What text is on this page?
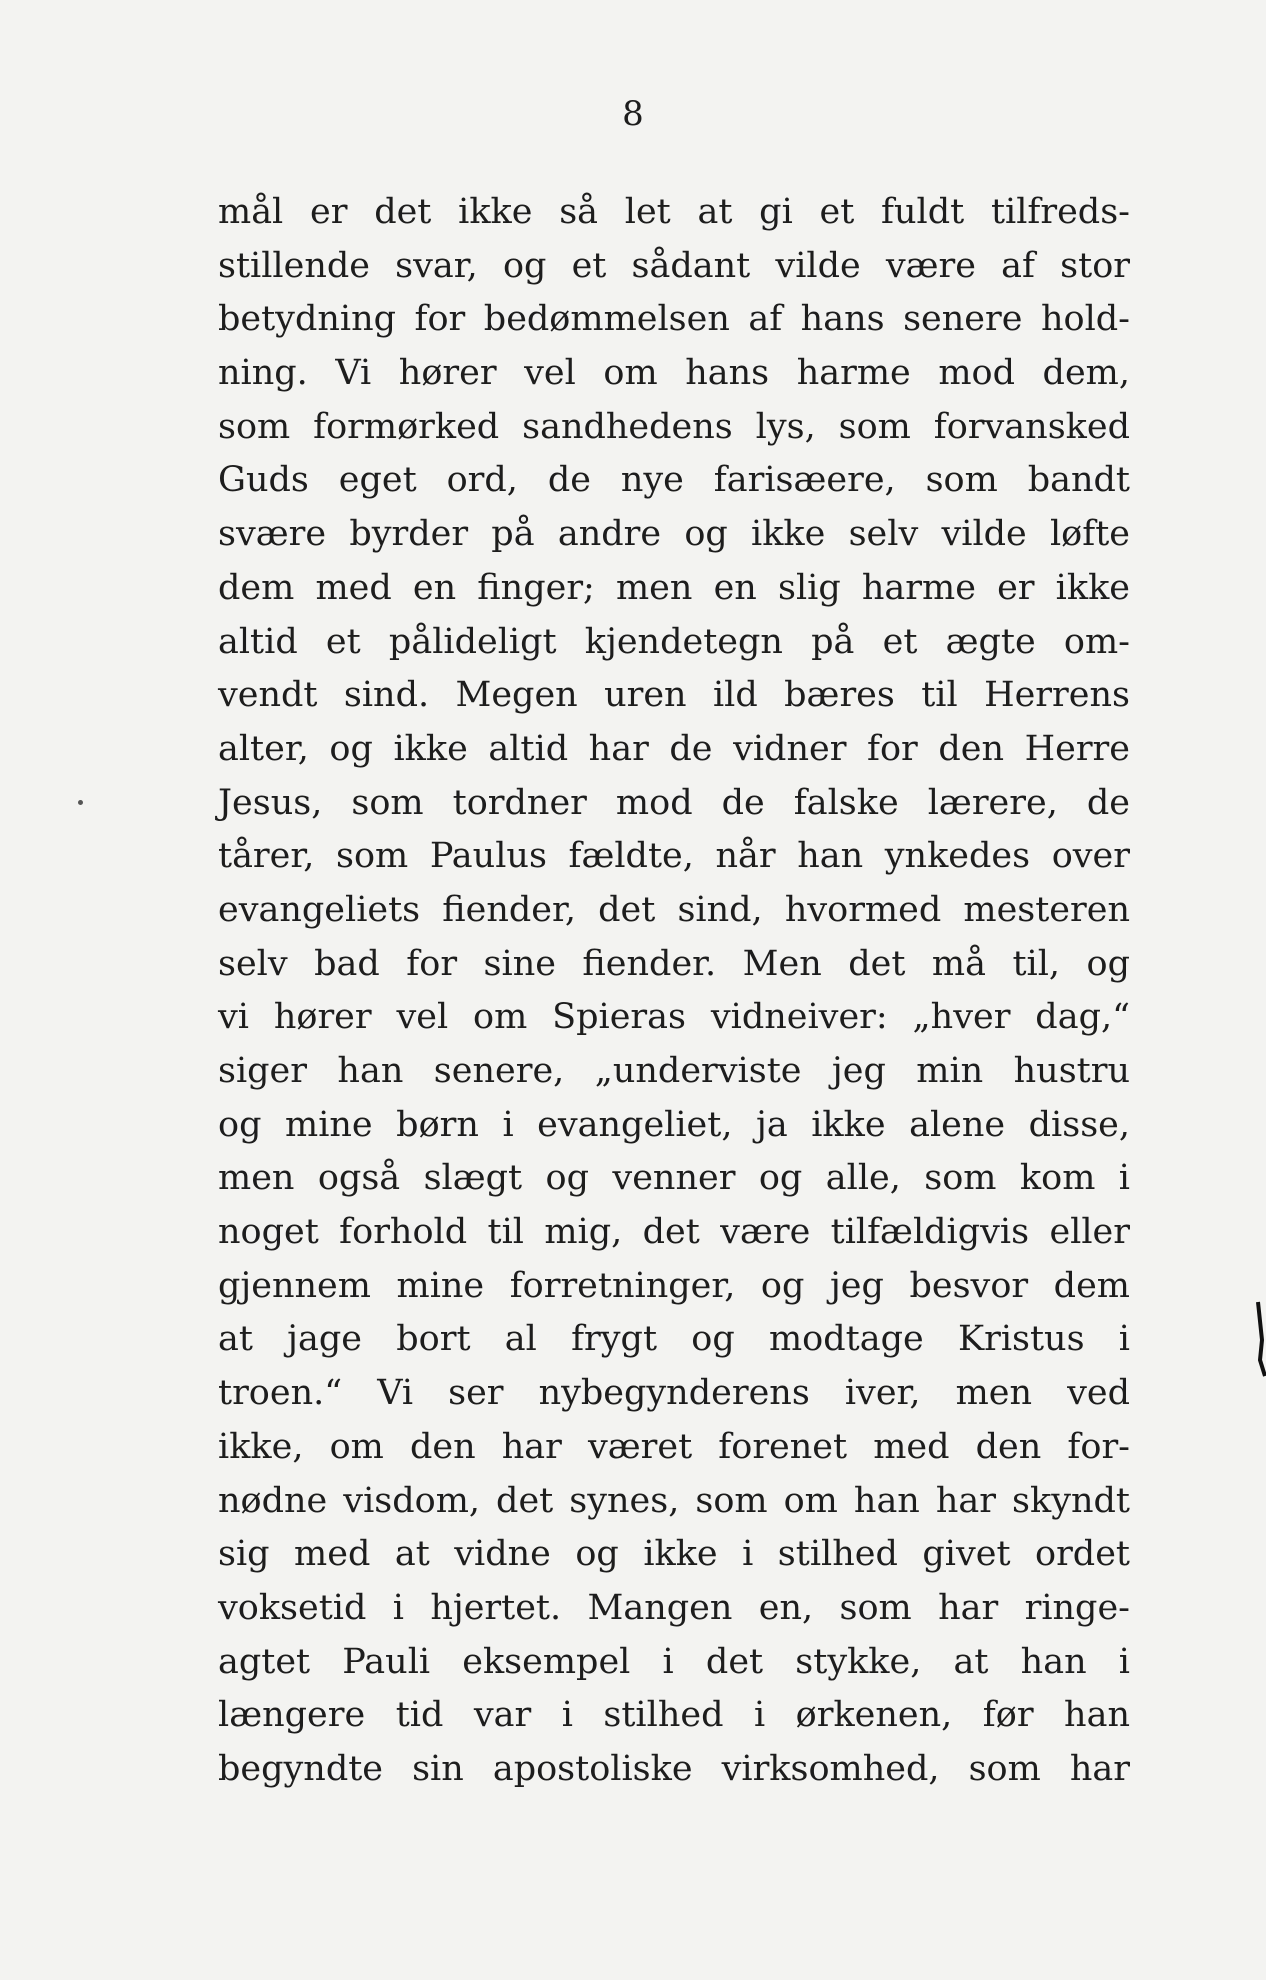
8
mål er det ikke så let at gi et fuldt tilfreds-
stillende svar, og et sådant vilde være af stor
betydning for bedømmelsen af hans senere hold-
ning. Vi hører vel om hans harme mod dem,
som formørked sandhedens lys, som forvansked
Guds eget ord, de nye farisæere, som bandt
svære byrder på andre og ikke selv vilde løfte
dem med en finger; men en slig harme er ikke
altid et pålideligt kjendetegn på et ægte om-
vendt sind. Megen uren ild bæres til Herrens
alter, og ikke altid har de vidner for den Herre
Jesus, som tordner mod de falske lærere, de
tårer, som Paulus fældte, når han ynkedes over
evangeliets fiender, det sind, hvormed mesteren
selv bad for sine fiender. Men det må til, og
vi hører vel om Spieras vidneiver: „hver dag,“
siger han senere, „underviste jeg min hustru
og mine børn i evangeliet, ja ikke alene disse,
men også slægt og venner og alle, som kom i
noget forhold til mig, det være tilfældigvis eller
gjennem mine forretninger, og jeg besvor dem
at jage bort al frygt og modtage Kristus i
troen.“ Vi ser nybegynderens iver, men ved
ikke, om den har været forenet med den for-
nødne visdom, det synes, som om han har skyndt
sig med at vidne og ikke i stilhed givet ordet
voksetid i hjertet. Mangen en, som har ringe-
agtet Pauli eksempel i det stykke, at han i
længere tid var i stilhed i ørkenen, før han
begyndte sin apostoliske virksomhed, som har
